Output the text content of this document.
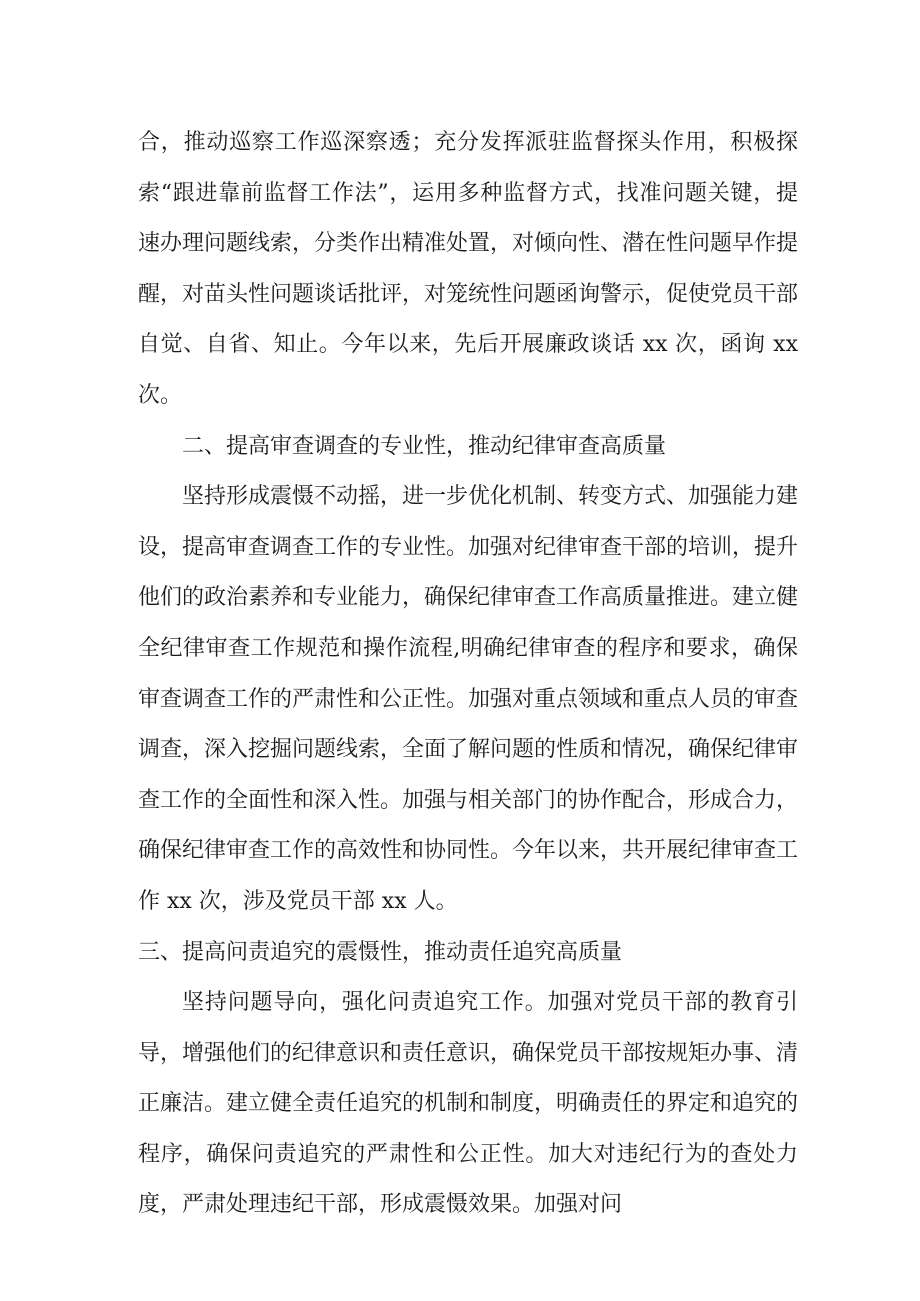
合，推动巡察工作巡深察透；充分发挥派驻监督探头作用，积极探索“跟进靠前监督工作法”，运用多种监督方式，找准问题关键，提速办理问题线索，分类作出精准处置，对倾向性、潜在性问题早作提醒，对苗头性问题谈话批评，对笼统性问题函询警示，促使党员干部自觉、自省、知止。今年以来，先后开展廉政谈话 xx 次，函询 xx 次。

二、提高审查调查的专业性，推动纪律审查高质量

坚持形成震慑不动摇，进一步优化机制、转变方式、加强能力建设，提高审查调查工作的专业性。加强对纪律审查干部的培训，提升他们的政治素养和专业能力，确保纪律审查工作高质量推进。建立健全纪律审查工作规范和操作流程,明确纪律审查的程序和要求，确保审查调查工作的严肃性和公正性。加强对重点领域和重点人员的审查调查，深入挖掘问题线索，全面了解问题的性质和情况，确保纪律审查工作的全面性和深入性。加强与相关部门的协作配合，形成合力，确保纪律审查工作的高效性和协同性。今年以来，共开展纪律审查工作 xx 次，涉及党员干部 xx 人。

三、提高问责追究的震慑性，推动责任追究高质量

坚持问题导向，强化问责追究工作。加强对党员干部的教育引导，增强他们的纪律意识和责任意识，确保党员干部按规矩办事、清正廉洁。建立健全责任追究的机制和制度，明确责任的界定和追究的程序，确保问责追究的严肃性和公正性。加大对违纪行为的查处力度，严肃处理违纪干部，形成震慑效果。加强对问
